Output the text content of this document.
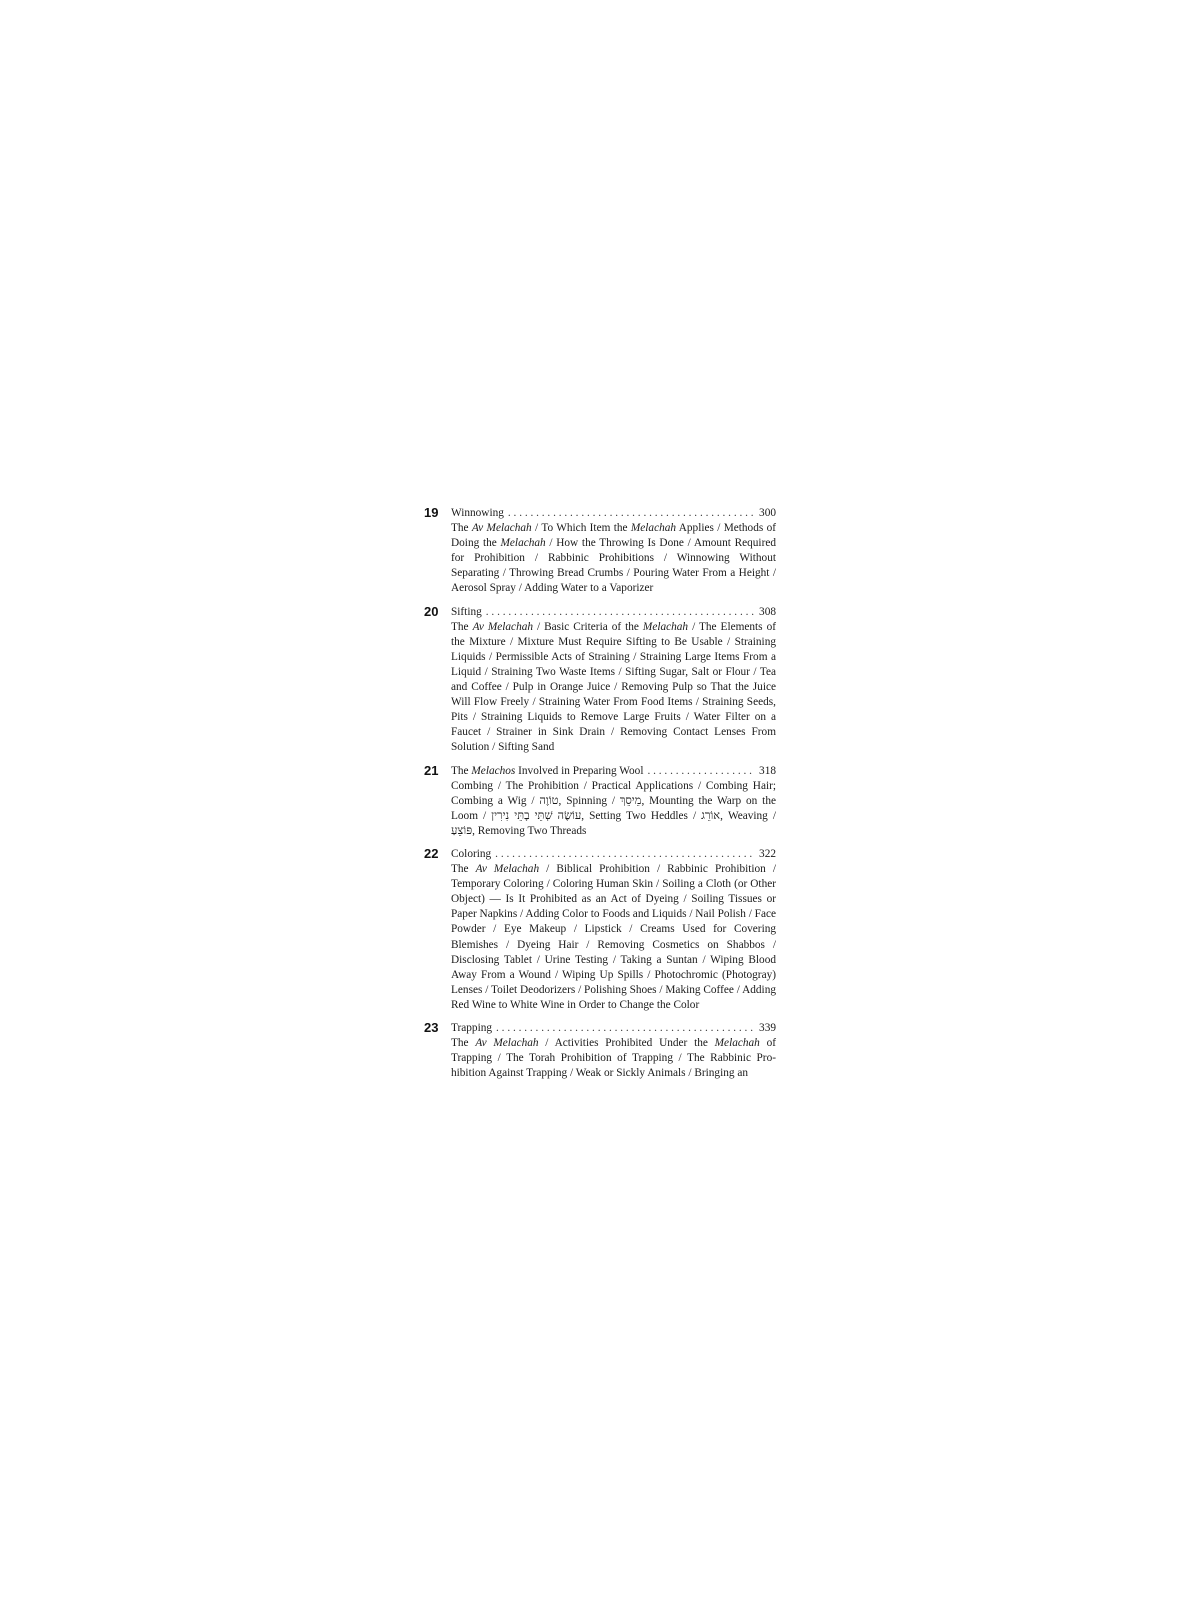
19 Winnowing . . .	300
The Av Melachah / To Which Item the Melachah Applies / Methods of Doing the Melachah / How the Throwing Is Done / Amount Required for Prohibition / Rabbinic Prohibitions / Winnowing Without Separating / Throwing Bread Crumbs / Pouring Water From a Height / Aerosol Spray / Adding Water to a Vaporizer
20 Sifting . . .	308
The Av Melachah / Basic Criteria of the Melachah / The Elements of the Mixture / Mixture Must Require Sifting to Be Usable / Straining Liquids / Permissible Acts of Straining / Straining Large Items From a Liquid / Straining Two Waste Items / Sifting Sugar, Salt or Flour / Tea and Coffee / Pulp in Orange Juice / Removing Pulp so That the Juice Will Flow Freely / Straining Water From Food Items / Straining Seeds, Pits / Straining Liquids to Remove Large Fruits / Water Filter on a Faucet / Strainer in Sink Drain / Removing Contact Lenses From Solution / Sifting Sand
21 The Melachos Involved in Preparing Wool . . .	318
Combing / The Prohibition / Practical Applications / Combing Hair; Combing a Wig / טוֹוֶה, Spinning / מֵיסֵךְ, Mounting the Warp on the Loom / עוֹשֶׂה שְׁתֵּי בָתֵּי נִירִין, Setting Two Heddles / אוֹרֵג, Weaving / פּוֹצֵעַ, Removing Two Threads
22 Coloring . . .	322
The Av Melachah / Biblical Prohibition / Rabbinic Prohibition / Temporary Coloring / Coloring Human Skin / Soiling a Cloth (or Other Object) — Is It Prohibited as an Act of Dyeing / Soiling Tissues or Paper Napkins / Adding Color to Foods and Liquids / Nail Polish / Face Powder / Eye Makeup / Lipstick / Creams Used for Covering Blemishes / Dyeing Hair / Removing Cosmetics on Shabbos / Disclosing Tablet / Urine Testing / Taking a Suntan / Wiping Blood Away From a Wound / Wiping Up Spills / Photochromic (Photogray) Lenses / Toilet Deodorizers / Polishing Shoes / Making Coffee / Adding Red Wine to White Wine in Order to Change the Color
23 Trapping . . .	339
The Av Melachah / Activities Prohibited Under the Melachah of Trapping / The Torah Prohibition of Trapping / The Rabbinic Prohibition Against Trapping / Weak or Sickly Animals / Bringing an
